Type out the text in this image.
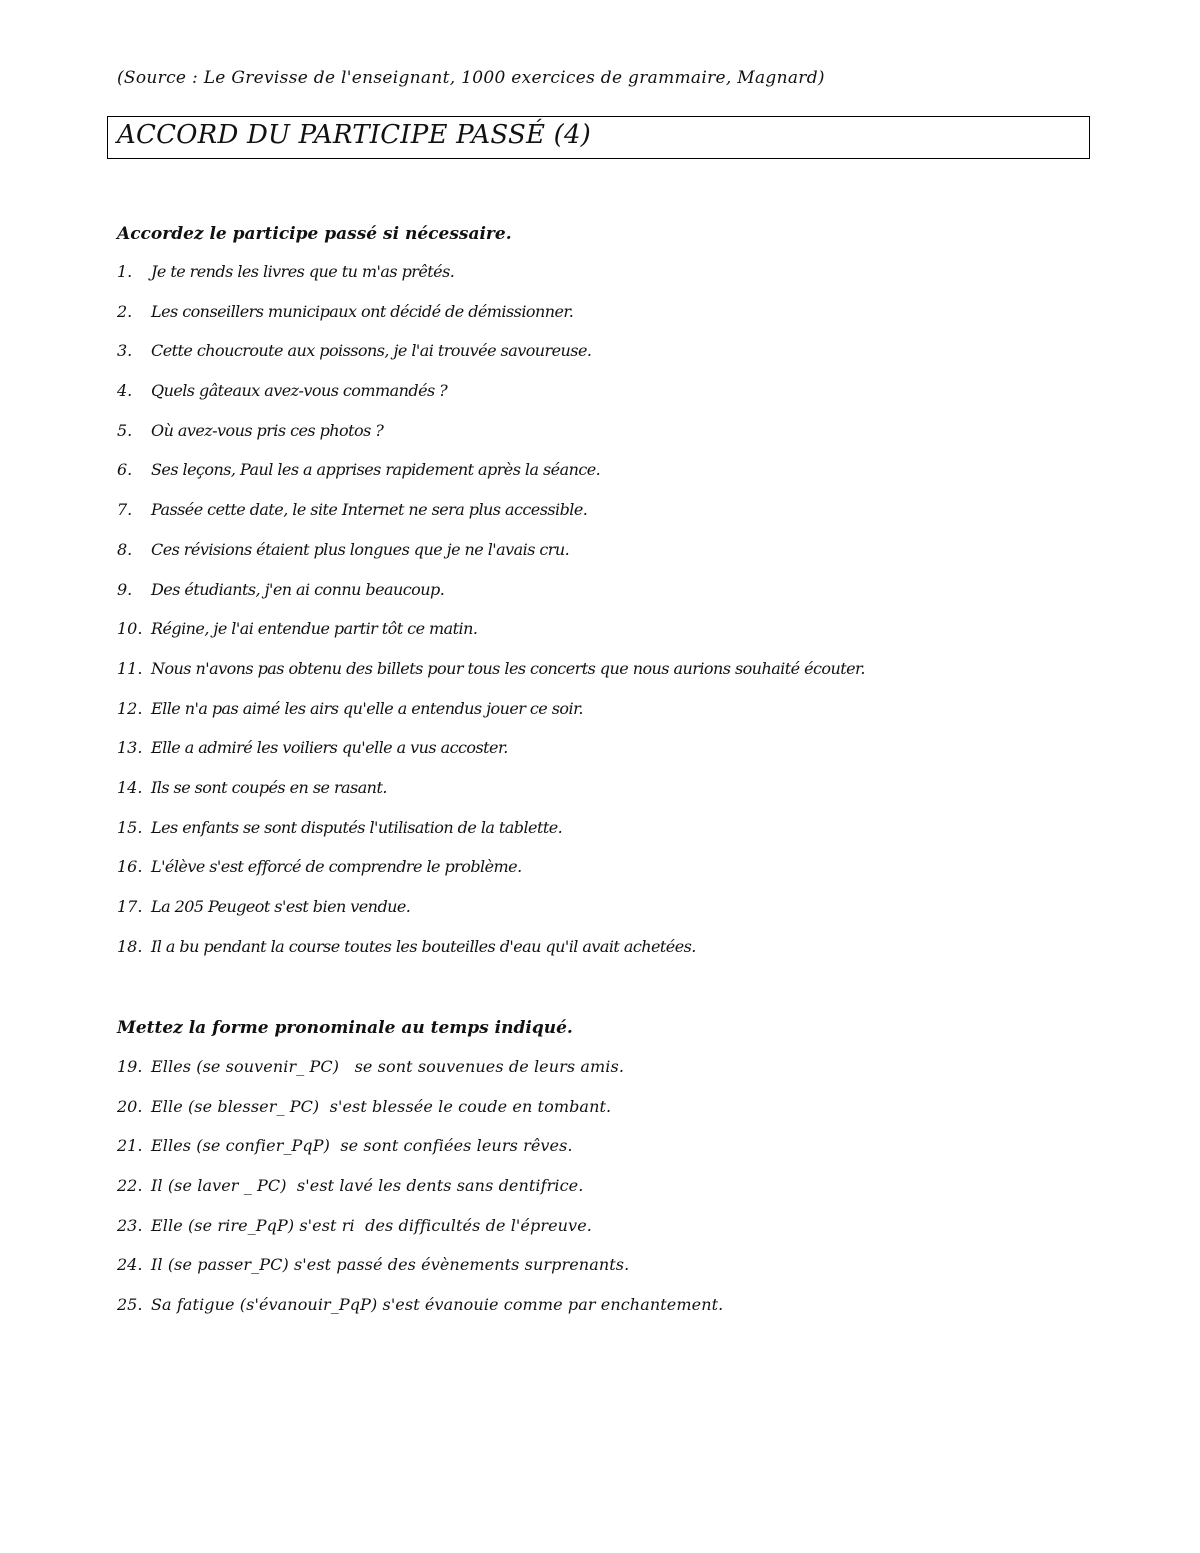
(Source : Le Grevisse de l'enseignant, 1000 exercices de grammaire, Magnard)
ACCORD DU PARTICIPE PASSÉ (4)
Accordez le participe passé si nécessaire.
1. Je te rends les livres que tu m'as prêtés.
2. Les conseillers municipaux ont décidé de démissionner.
3. Cette choucroute aux poissons, je l'ai trouvée savoureuse.
4. Quels gâteaux avez-vous commandés ?
5. Où avez-vous pris ces photos ?
6. Ses leçons, Paul les a apprises rapidement après la séance.
7. Passée cette date, le site Internet ne sera plus accessible.
8. Ces révisions étaient plus longues que je ne l'avais cru.
9. Des étudiants, j'en ai connu beaucoup.
10. Régine, je l'ai entendue partir tôt ce matin.
11. Nous n'avons pas obtenu des billets pour tous les concerts que nous aurions souhaité écouter.
12. Elle n'a pas aimé les airs qu'elle a entendus jouer ce soir.
13. Elle a admiré les voiliers qu'elle a vus accoster.
14. Ils se sont coupés en se rasant.
15. Les enfants se sont disputés l'utilisation de la tablette.
16. L'élève s'est efforcé de comprendre le problème.
17. La 205 Peugeot s'est bien vendue.
18. Il a bu pendant la course toutes les bouteilles d'eau qu'il avait achetées.
Mettez la forme pronominale au temps indiqué.
19. Elles (se souvenir_ PC)   se sont souvenues de leurs amis.
20. Elle (se blesser_ PC)  s'est blessée le coude en tombant.
21. Elles (se confier_PqP)  se sont confiées leurs rêves.
22. Il (se laver _ PC)  s'est lavé les dents sans dentifrice.
23. Elle (se rire_PqP) s'est ri  des difficultés de l'épreuve.
24. Il (se passer_PC) s'est passé des évènements surprenants.
25. Sa fatigue (s'évanouir_PqP) s'est évanouie comme par enchantement.
